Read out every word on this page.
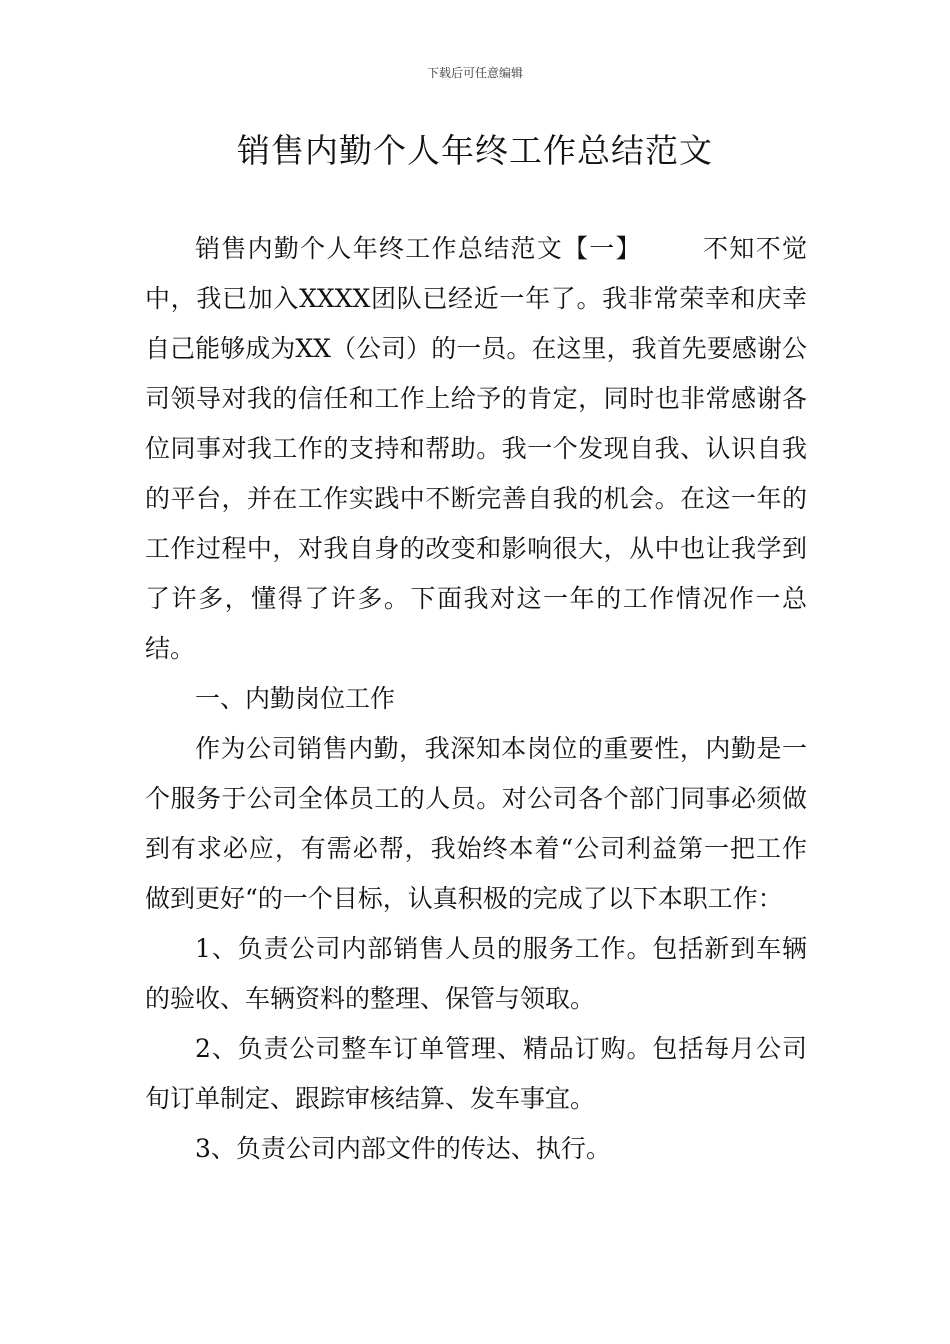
下载后可任意编辑
销售内勤个人年终工作总结范文

销售内勤个人年终工作总结范文【一】 不知不觉中，我已加入XXXX团队已经近一年了。我非常荣幸和庆幸自己能够成为XX（公司）的一员。在这里，我首先要感谢公司领导对我的信任和工作上给予的肯定，同时也非常感谢各位同事对我工作的支持和帮助。我一个发现自我、认识自我的平台，并在工作实践中不断完善自我的机会。在这一年的工作过程中，对我自身的改变和影响很大，从中也让我学到了许多，懂得了许多。下面我对这一年的工作情况作一总结。

一、内勤岗位工作

作为公司销售内勤，我深知本岗位的重要性，内勤是一个服务于公司全体员工的人员。对公司各个部门同事必须做到有求必应，有需必帮，我始终本着“公司利益第一把工作做到更好“的一个目标，认真积极的完成了以下本职工作：

1、负责公司内部销售人员的服务工作。包括新到车辆的验收、车辆资料的整理、保管与领取。

2、负责公司整车订单管理、精品订购。包括每月公司旬订单制定、跟踪审核结算、发车事宜。

3、负责公司内部文件的传达、执行。
